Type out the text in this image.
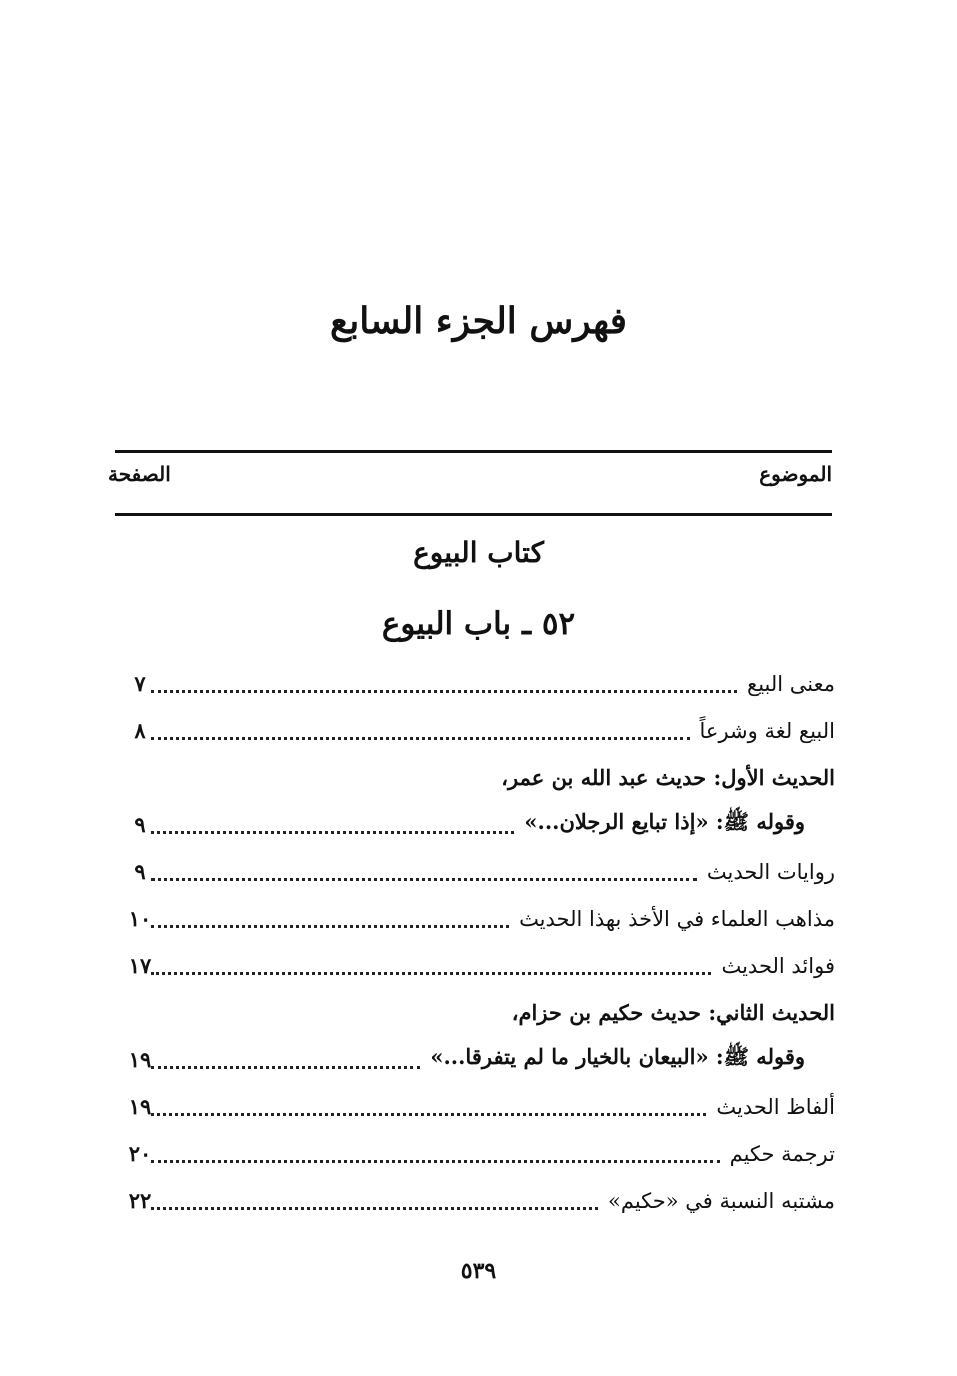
فهرس الجزء السابع
الموضوع
الصفحة
كتاب البيوع
٥٢ ـ باب البيوع
معنى البيع
٧
البيع لغة وشرعاً
٨
الحديث الأول: حديث عبد الله بن عمر،
وقوله ﷺ: «إذا تبايع الرجلان...»
٩
روايات الحديث
٩
مذاهب العلماء في الأخذ بهذا الحديث
١٠
فوائد الحديث
١٧
الحديث الثاني: حديث حكيم بن حزام،
وقوله ﷺ: «البيعان بالخيار ما لم يتفرقا...»
١٩
ألفاظ الحديث
١٩
ترجمة حكيم
٢٠
مشتبه النسبة في «حكيم»
٢٢
٥٣٩
